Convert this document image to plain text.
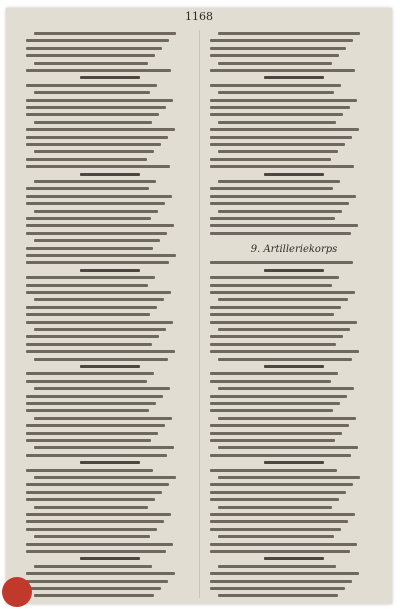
1168
9. Artilleriekorps
